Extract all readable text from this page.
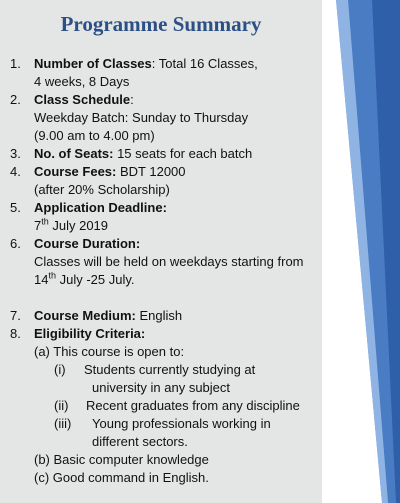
Programme Summary
1. Number of Classes: Total 16 Classes,
4 weeks, 8 Days
2. Class Schedule:
Weekday Batch: Sunday to Thursday
(9.00 am to 4.00 pm)
3. No. of Seats: 15 seats for each batch
4. Course Fees: BDT 12000
(after 20% Scholarship)
5. Application Deadline:
7th July 2019
6. Course Duration:
Classes will be held on weekdays starting from
14th July -25 July.
7. Course Medium: English
8. Eligibility Criteria:
(a) This course is open to:
(i)	Students currently studying at
university in any subject
(ii)	Recent graduates from any discipline
(iii)	Young professionals working in
different sectors.
(b) Basic computer knowledge
(c) Good command in English.
